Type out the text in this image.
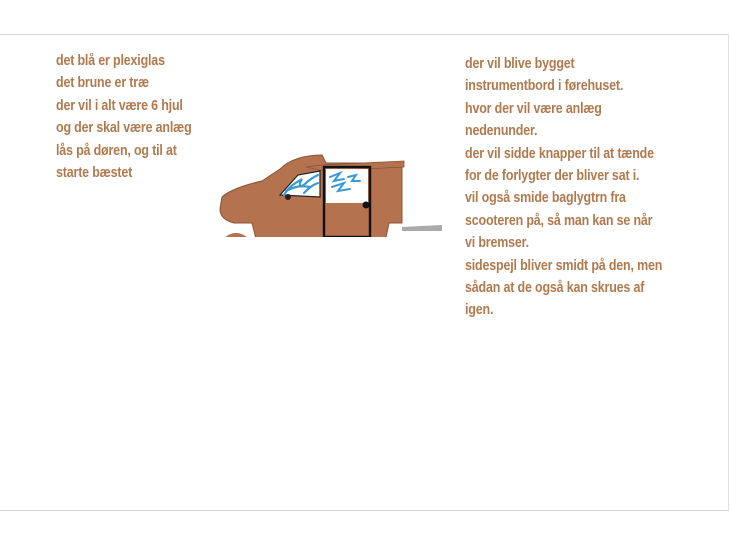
det blå er plexiglas
det brune er træ
der vil i alt være 6 hjul
og der skal være anlæg
lås på døren, og til at
starte bæstet
der vil blive bygget
instrumentbord i førehuset.
hvor der vil være anlæg
nedenunder.
der vil sidde knapper til at tænde
for de forlygter der bliver sat i.
vil også smide baglygtrn fra
scooteren på, så man kan se når
vi bremser.
sidespejl bliver smidt på den, men
sådan at de også kan skrues af
igen.
